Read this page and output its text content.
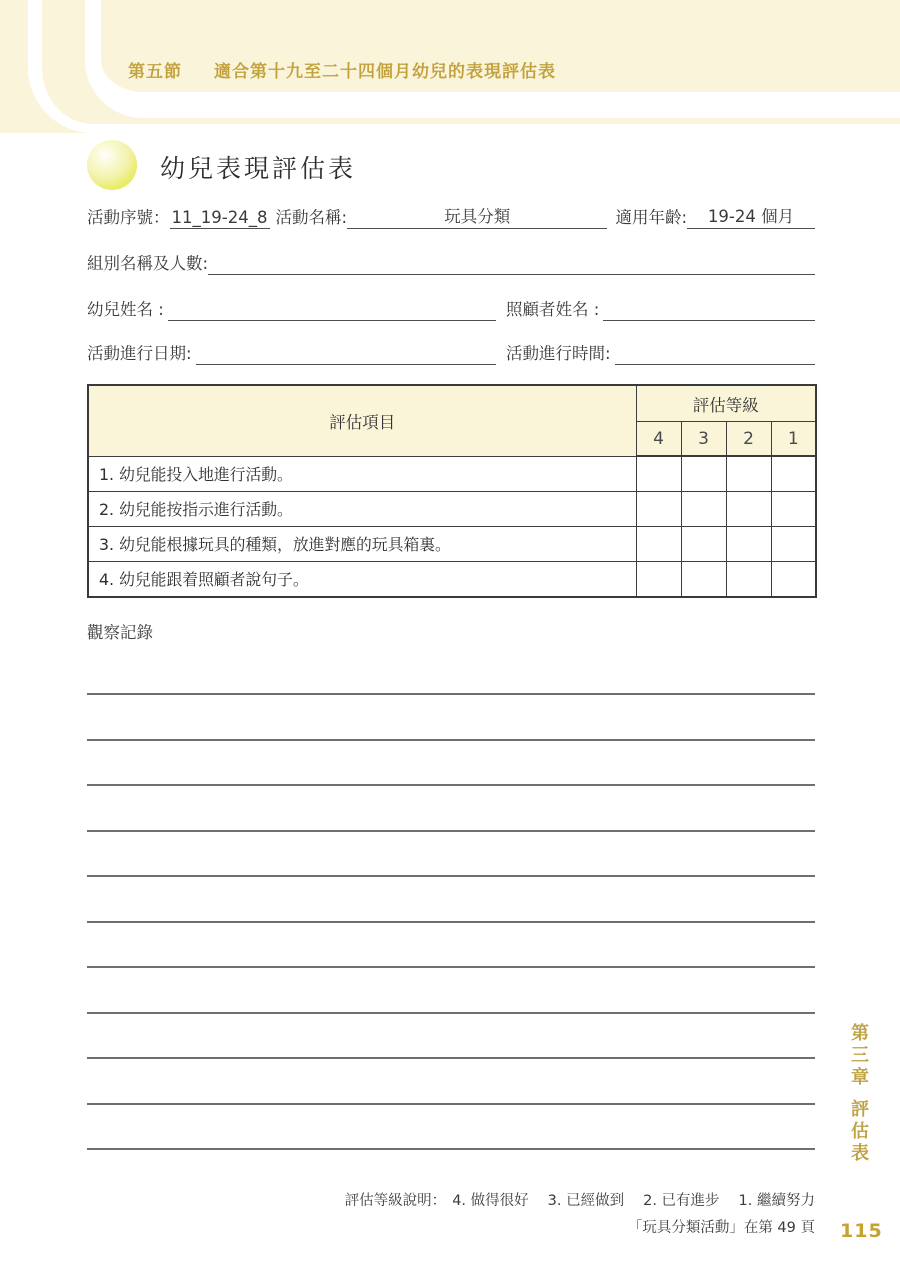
第五節 適合第十九至二十四個月幼兒的表現評估表
幼兒表現評估表
活動序號： 11_19-24_8 活動名稱:	玩具分類	適用年齡: 19-24 個月
組別名稱及人數:
幼兒姓名 :	照顧者姓名 :
活動進行日期:	活動進行時間:
評估項目	評估等級			
	4	3	2	1
1. 幼兒能投入地進行活動。				
2. 幼兒能按指示進行活動。				
3. 幼兒能根據玩具的種類，放進對應的玩具箱裏。				
4. 幼兒能跟着照顧者說句子。				
觀察記錄
評估等級說明： 4. 做得很好 3. 已經做到 2. 已有進步 1. 繼續努力
「玩具分類活動」在第 49 頁
第三章
評估表
115
